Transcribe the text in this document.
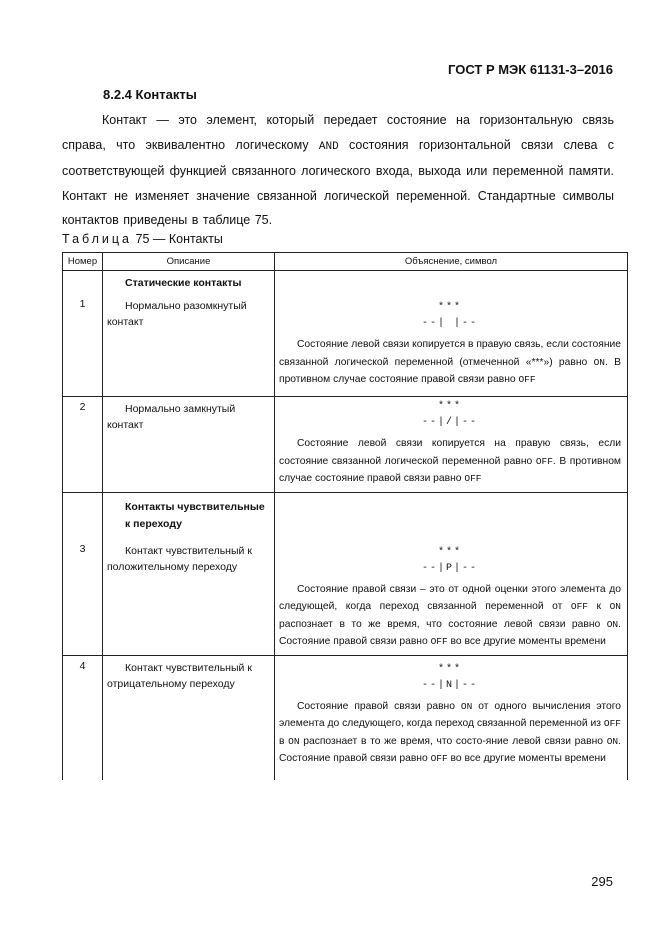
ГОСТ Р МЭК 61131-3–2016
8.2.4 Контакты
Контакт — это элемент, который передает состояние на горизонтальную связь справа, что эквивалентно логическому AND состояния горизонтальной связи слева с соответствующей функцией связанного логического входа, выхода или переменной памяти. Контакт не изменяет значение связанной логической переменной. Стандартные символы контактов приведены в таблице 75.
Таблица 75 — Контакты
Номер	Описание	Объяснение, символ
	Статические контакты	
1	Нормально разомкнутый контакт	***
--| |--
Состояние левой связи копируется в правую связь, если состояние связанной логической переменной (отмеченной «***») равно ON. В противном случае состояние правой связи равно OFF

2	Нормально замкнутый контакт	***
--|/|--
Состояние левой связи копируется на правую связь, если состояние связанной логической переменной равно OFF. В противном случае состояние правой связи равно OFF

	Контакты чувствительные к переходу	
3	Контакт чувствительный к положительному переходу	***
--|P|--
Состояние правой связи – это от одной оценки этого элемента до следующей, когда переход связанной переменной от OFF к ON распознает в то же время, что состояние левой связи равно ON. Состояние правой связи равно OFF во все другие моменты времени

4	Контакт чувствительный к отрицательному переходу	***
--|N|--
Состояние правой связи равно ON от одного вычисления этого элемента до следующего, когда переход связанной переменной из OFF в ON распознает в то же время, что состо-яние левой связи равно ON. Состояние правой связи равно OFF во все другие моменты времени
295
